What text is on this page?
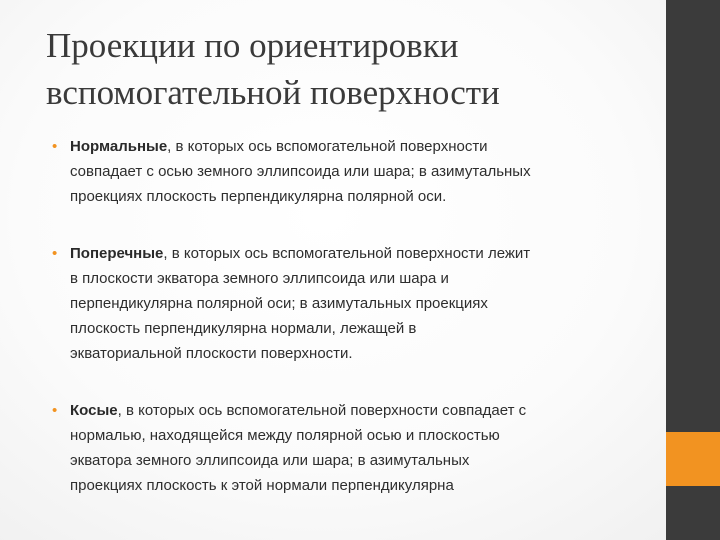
Проекции по ориентировки
вспомогательной поверхности
• Нормальные, в которых ось вспомогательной поверхности
совпадает с осью земного эллипсоида или шара; в азимутальных
проекциях плоскость перпендикулярна полярной оси.
• Поперечные, в которых ось вспомогательной поверхности лежит
в плоскости экватора земного эллипсоида или шара и
перпендикулярна полярной оси; в азимутальных проекциях
плоскость перпендикулярна нормали, лежащей в
экваториальной плоскости поверхности.
• Косые, в которых ось вспомогательной поверхности совпадает с
нормалью, находящейся между полярной осью и плоскостью
экватора земного эллипсоида или шара; в азимутальных
проекциях плоскость к этой нормали перпендикулярна
